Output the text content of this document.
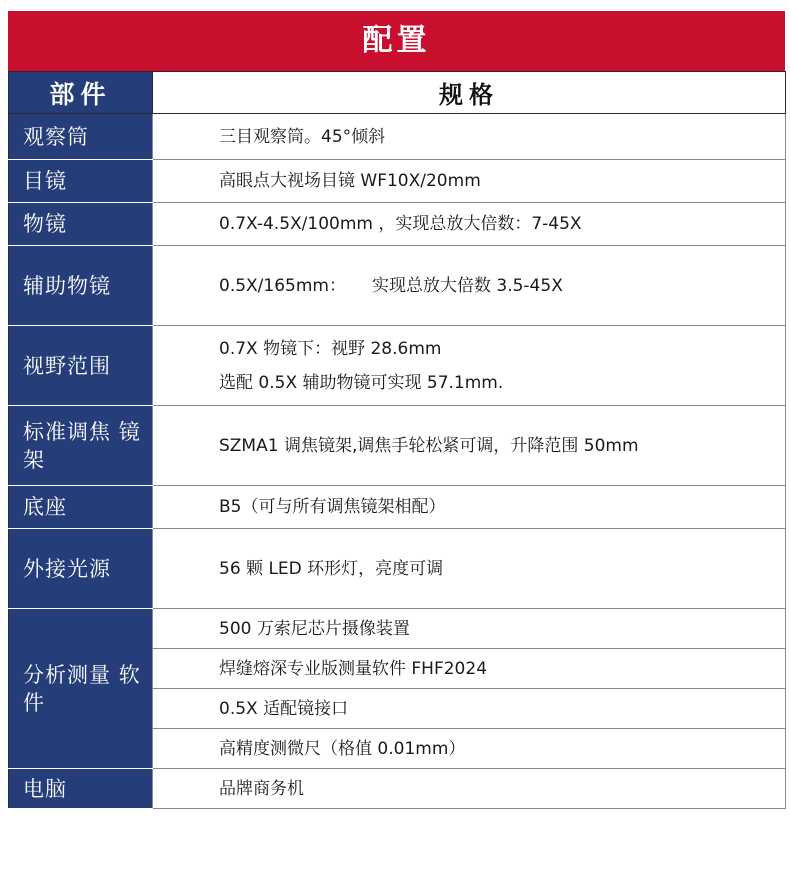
配置
部件	规格
观察筒	三目观察筒。45°倾斜
目镜	高眼点大视场目镜 WF10X/20mm
物镜	0.7X-4.5X/100mm ，实现总放大倍数：7-45X
辅助物镜	0.5X/165mm： 实现总放大倍数 3.5-45X
视野范围	0.7X 物镜下：视野 28.6mm
选配 0.5X 辅助物镜可实现 57.1mm.

标准调焦 镜架	SZMA1 调焦镜架,调焦手轮松紧可调，升降范围 50mm
底座	B5（可与所有调焦镜架相配）
外接光源	56 颗 LED 环形灯，亮度可调
分析测量 软件	500 万索尼芯片摄像装置
	焊缝熔深专业版测量软件 FHF2024
	0.5X 适配镜接口
	高精度测微尺（格值 0.01mm）
电脑	品牌商务机
